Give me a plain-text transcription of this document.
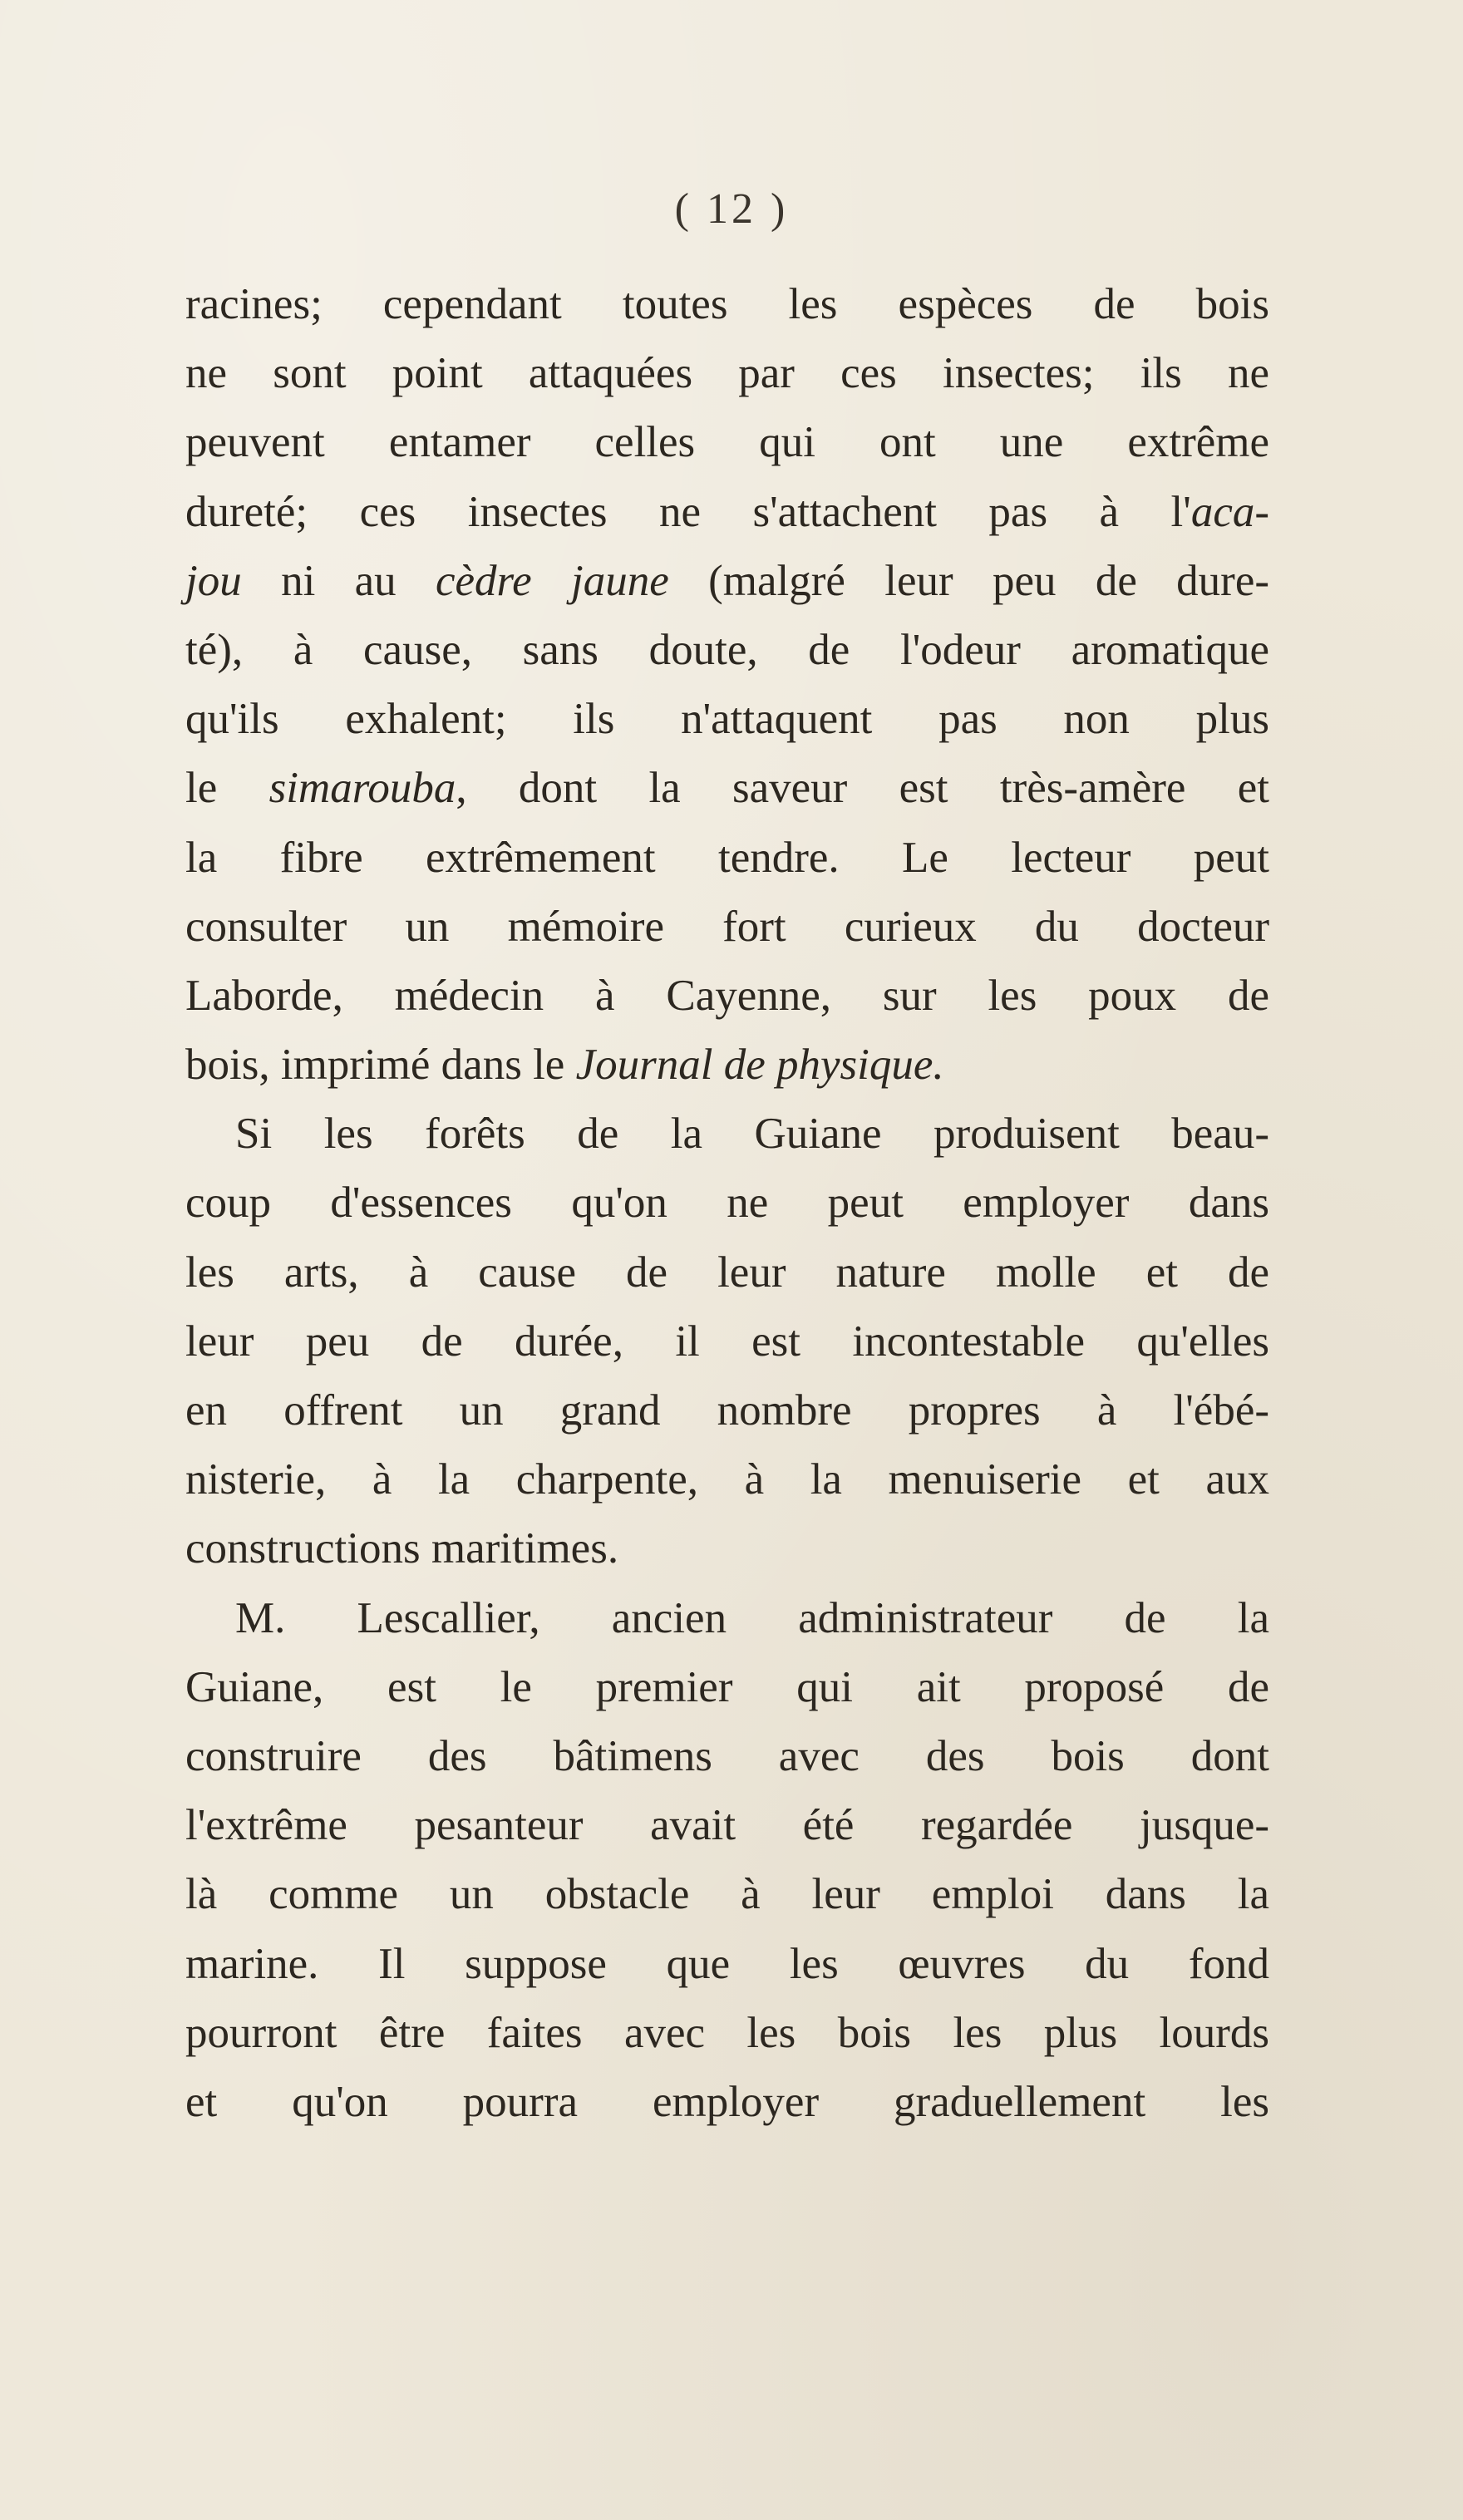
( 12 )
racines; cependant toutes les espèces de bois
ne sont point attaquées par ces insectes; ils ne
peuvent entamer celles qui ont une extrême
dureté; ces insectes ne s'attachent pas à l'aca-
jou ni au cèdre jaune (malgré leur peu de dure-
té), à cause, sans doute, de l'odeur aromatique
qu'ils exhalent; ils n'attaquent pas non plus
le simarouba, dont la saveur est très-amère et
la fibre extrêmement tendre. Le lecteur peut
consulter un mémoire fort curieux du docteur
Laborde, médecin à Cayenne, sur les poux de
bois, imprimé dans le Journal de physique.
Si les forêts de la Guiane produisent beau-
coup d'essences qu'on ne peut employer dans
les arts, à cause de leur nature molle et de
leur peu de durée, il est incontestable qu'elles
en offrent un grand nombre propres à l'ébé-
nisterie, à la charpente, à la menuiserie et aux
constructions maritimes.
M. Lescallier, ancien administrateur de la
Guiane, est le premier qui ait proposé de
construire des bâtimens avec des bois dont
l'extrême pesanteur avait été regardée jusque-
là comme un obstacle à leur emploi dans la
marine. Il suppose que les œuvres du fond
pourront être faites avec les bois les plus lourds
et qu'on pourra employer graduellement les
